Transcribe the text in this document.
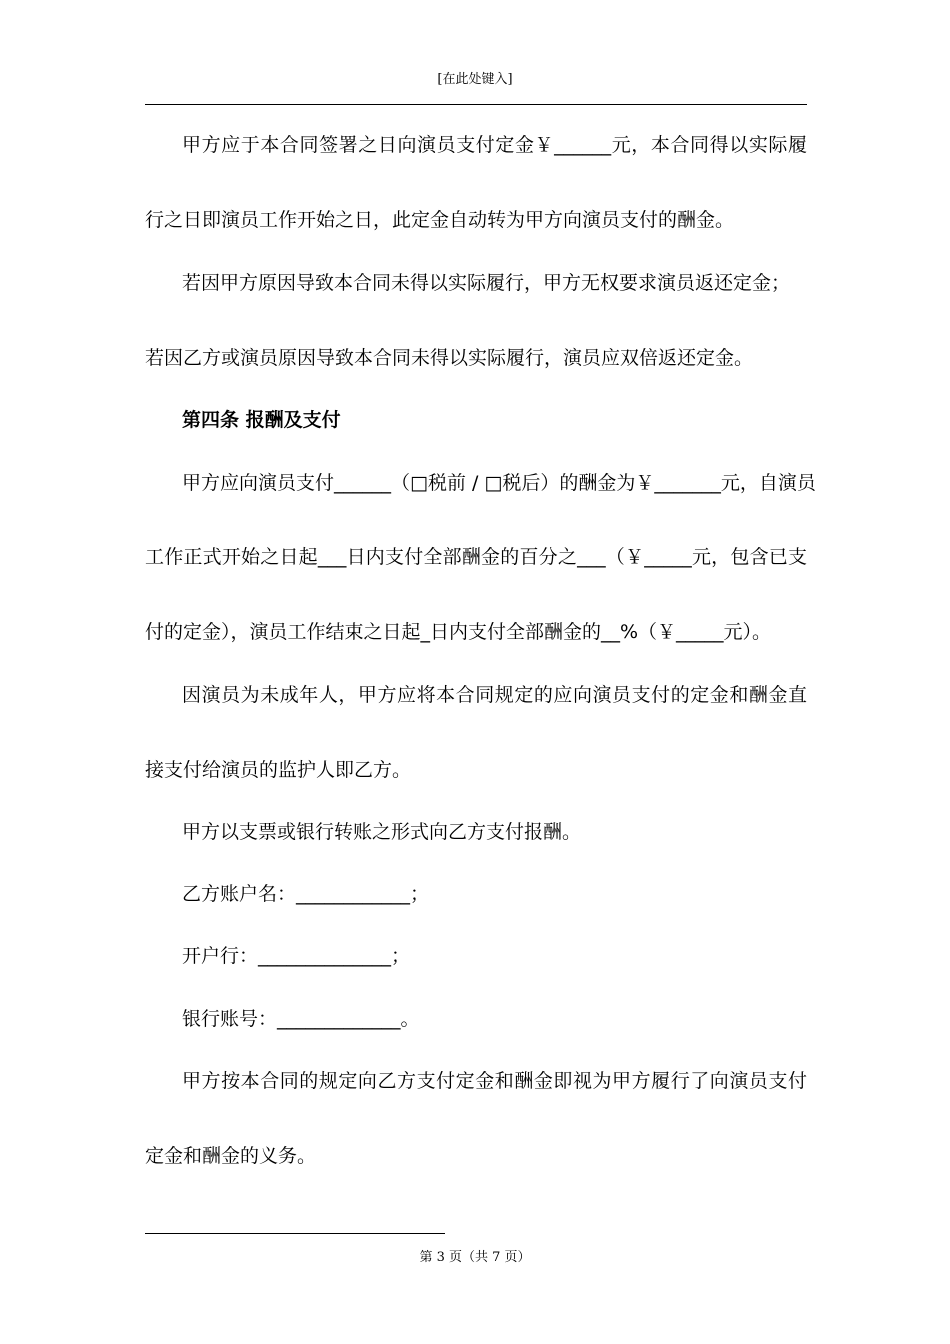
[在此处键入]
甲方应于本合同签署之日向演员支付定金￥______元，本合同得以实际履
行之日即演员工作开始之日，此定金自动转为甲方向演员支付的酬金。
若因甲方原因导致本合同未得以实际履行，甲方无权要求演员返还定金；
若因乙方或演员原因导致本合同未得以实际履行，演员应双倍返还定金。
第四条 报酬及支付
甲方应向演员支付______（□税前 / □税后）的酬金为￥_______元，自演员
工作正式开始之日起___日内支付全部酬金的百分之___（￥_____元，包含已支
付的定金），演员工作结束之日起_日内支付全部酬金的__%（￥_____元）。
因演员为未成年人，甲方应将本合同规定的应向演员支付的定金和酬金直
接支付给演员的监护人即乙方。
甲方以支票或银行转账之形式向乙方支付报酬。
乙方账户名：____________；
开户行：______________；
银行账号：_____________。
甲方按本合同的规定向乙方支付定金和酬金即视为甲方履行了向演员支付
定金和酬金的义务。
第 3 页（共 7 页）
